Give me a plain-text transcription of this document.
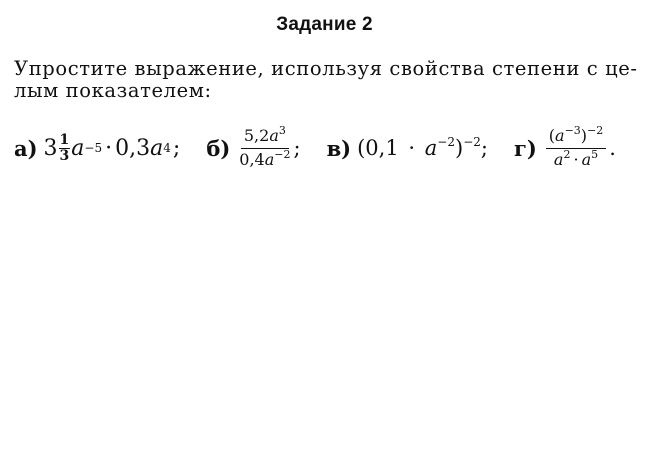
Задание 2
Упростите выражение, используя свойства степени с це-
лым показателем:
а) $3 \frac{1}{3}$ a −5 · 0,3 a 4 ; $б) \frac{5,2a^3}{0,4a^{-2}}$ ; в) $(0,1 \cdot a^{-2})^{-2}$; $г) \frac{(a^{-3})^{-2}}{a^2 \cdot a^5}$ .
